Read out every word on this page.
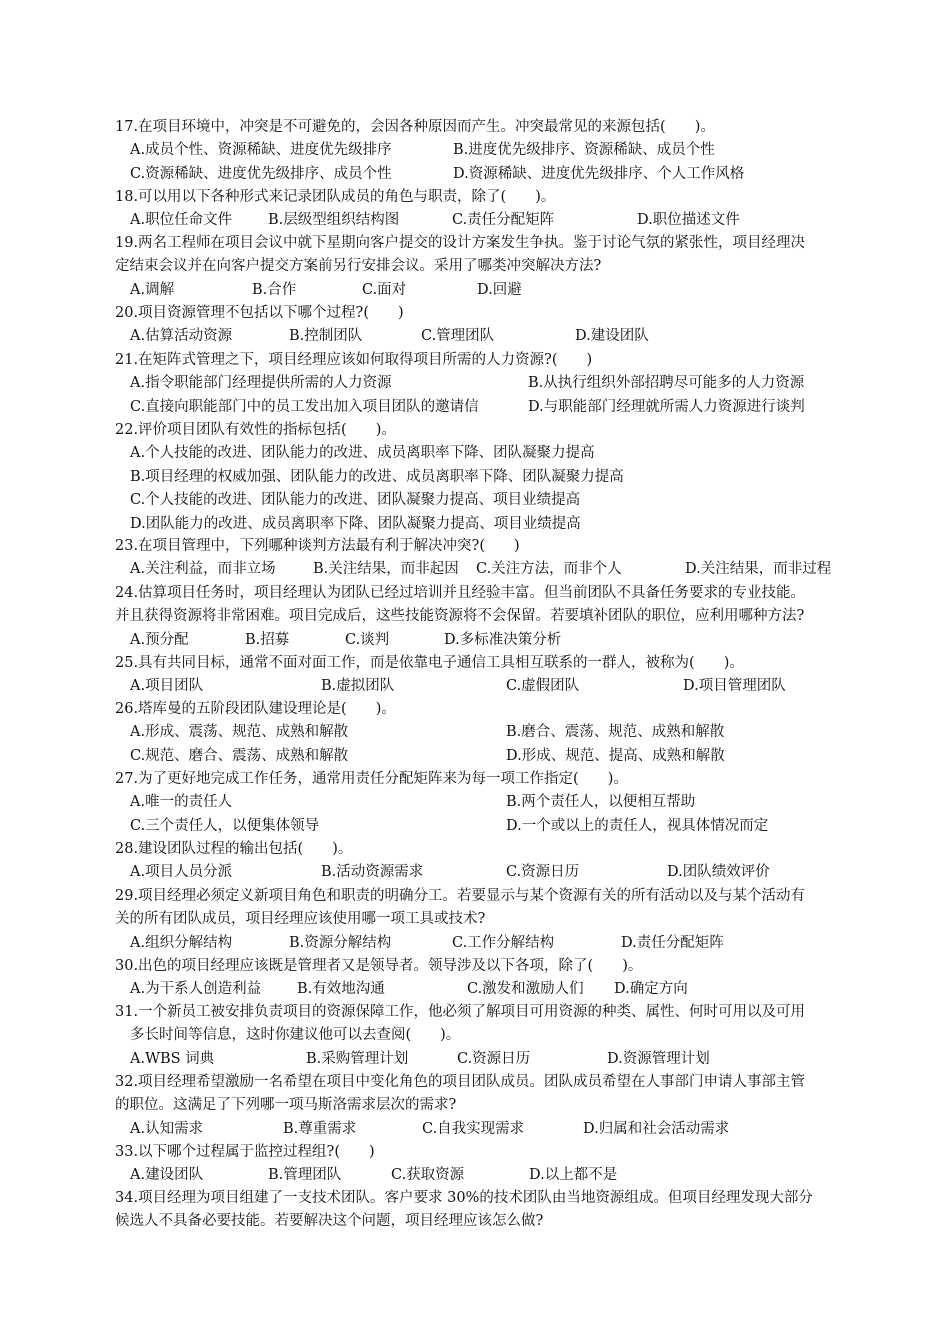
17.在项目环境中，冲突是不可避免的，会因各种原因而产生。冲突最常见的来源包括(　　)。
A.成员个性、资源稀缺、进度优先级排序	B.进度优先级排序、资源稀缺、成员个性
C.资源稀缺、进度优先级排序、成员个性	D.资源稀缺、进度优先级排序、个人工作风格
18.可以用以下各种形式来记录团队成员的角色与职责，除了(　　)。
A.职位任命文件 B.层级型组织结构图	C.责任分配矩阵	D.职位描述文件
19.两名工程师在项目会议中就下星期向客户提交的设计方案发生争执。鉴于讨论气氛的紧张性，项目经理决
定结束会议并在向客户提交方案前另行安排会议。采用了哪类冲突解决方法?
A.调解	B.合作	C.面对	D.回避
20.项目资源管理不包括以下哪个过程?(　　)
A.估算活动资源	B.控制团队	C.管理团队	D.建设团队
21.在矩阵式管理之下，项目经理应该如何取得项目所需的人力资源?(　　)
A.指令职能部门经理提供所需的人力资源	B.从执行组织外部招聘尽可能多的人力资源
C.直接向职能部门中的员工发出加入项目团队的邀请信	D.与职能部门经理就所需人力资源进行谈判
22.评价项目团队有效性的指标包括(　　)。
A.个人技能的改进、团队能力的改进、成员离职率下降、团队凝聚力提高
B.项目经理的权威加强、团队能力的改进、成员离职率下降、团队凝聚力提高
C.个人技能的改进、团队能力的改进、团队凝聚力提高、项目业绩提高
D.团队能力的改进、成员离职率下降、团队凝聚力提高、项目业绩提高
23.在项目管理中，下列哪种谈判方法最有利于解决冲突?(　　)
A.关注利益，而非立场	B.关注结果，而非起因 C.关注方法，而非个人	D.关注结果，而非过程
24.估算项目任务时，项目经理认为团队已经过培训并且经验丰富。但当前团队不具备任务要求的专业技能。
并且获得资源将非常困难。项目完成后，这些技能资源将不会保留。若要填补团队的职位，应利用哪种方法?
A.预分配	B.招募	C.谈判	D.多标准决策分析
25.具有共同目标，通常不面对面工作，而是依靠电子通信工具相互联系的一群人，被称为(　　)。
A.项目团队	B.虚拟团队	C.虚假团队	D.项目管理团队
26.塔库曼的五阶段团队建设理论是(　　)。
A.形成、震荡、规范、成熟和解散	B.磨合、震荡、规范、成熟和解散
C.规范、磨合、震荡、成熟和解散	D.形成、规范、提高、成熟和解散
27.为了更好地完成工作任务，通常用责任分配矩阵来为每一项工作指定(　　)。
A.唯一的责任人	B.两个责任人，以便相互帮助
C.三个责任人，以便集体领导	D.一个或以上的责任人，视具体情况而定
28.建设团队过程的输出包括(　　)。
A.项目人员分派	B.活动资源需求	C.资源日历	D.团队绩效评价
29.项目经理必须定义新项目角色和职责的明确分工。若要显示与某个资源有关的所有活动以及与某个活动有
关的所有团队成员，项目经理应该使用哪一项工具或技术?
A.组织分解结构	B.资源分解结构	C.工作分解结构	D.责任分配矩阵
30.出色的项目经理应该既是管理者又是领导者。领导涉及以下各项，除了(　　)。
A.为干系人创造利益 B.有效地沟通	C.激发和激励人们 D.确定方向
31.一个新员工被安排负责项目的资源保障工作，他必须了解项目可用资源的种类、属性、何时可用以及可用
多长时间等信息，这时你建议他可以去查阅(　　)。
A.WBS 词典	B.采购管理计划	C.资源日历	D.资源管理计划
32.项目经理希望激励一名希望在项目中变化角色的项目团队成员。团队成员希望在人事部门申请人事部主管
的职位。这满足了下列哪一项马斯洛需求层次的需求?
A.认知需求	B.尊重需求	C.自我实现需求	D.归属和社会活动需求
33.以下哪个过程属于监控过程组?(　　)
A.建设团队	B.管理团队	C.获取资源	D.以上都不是
34.项目经理为项目组建了一支技术团队。客户要求 30%的技术团队由当地资源组成。但项目经理发现大部分
候选人不具备必要技能。若要解决这个问题，项目经理应该怎么做?
